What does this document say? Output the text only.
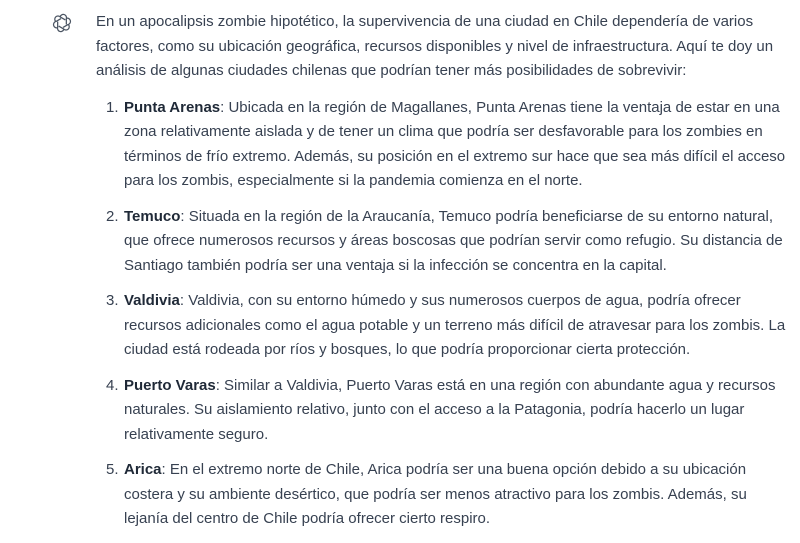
En un apocalipsis zombie hipotético, la supervivencia de una ciudad en Chile dependería de varios factores, como su ubicación geográfica, recursos disponibles y nivel de infraestructura. Aquí te doy un análisis de algunas ciudades chilenas que podrían tener más posibilidades de sobrevivir:

1. Punta Arenas: Ubicada en la región de Magallanes, Punta Arenas tiene la ventaja de estar en una zona relativamente aislada y de tener un clima que podría ser desfavorable para los zombies en términos de frío extremo. Además, su posición en el extremo sur hace que sea más difícil el acceso para los zombis, especialmente si la pandemia comienza en el norte.
2. Temuco: Situada en la región de la Araucanía, Temuco podría beneficiarse de su entorno natural, que ofrece numerosos recursos y áreas boscosas que podrían servir como refugio. Su distancia de Santiago también podría ser una ventaja si la infección se concentra en la capital.
3. Valdivia: Valdivia, con su entorno húmedo y sus numerosos cuerpos de agua, podría ofrecer recursos adicionales como el agua potable y un terreno más difícil de atravesar para los zombis. La ciudad está rodeada por ríos y bosques, lo que podría proporcionar cierta protección.
4. Puerto Varas: Similar a Valdivia, Puerto Varas está en una región con abundante agua y recursos naturales. Su aislamiento relativo, junto con el acceso a la Patagonia, podría hacerlo un lugar relativamente seguro.
5. Arica: En el extremo norte de Chile, Arica podría ser una buena opción debido a su ubicación costera y su ambiente desértico, que podría ser menos atractivo para los zombis. Además, su lejanía del centro de Chile podría ofrecer cierto respiro.
